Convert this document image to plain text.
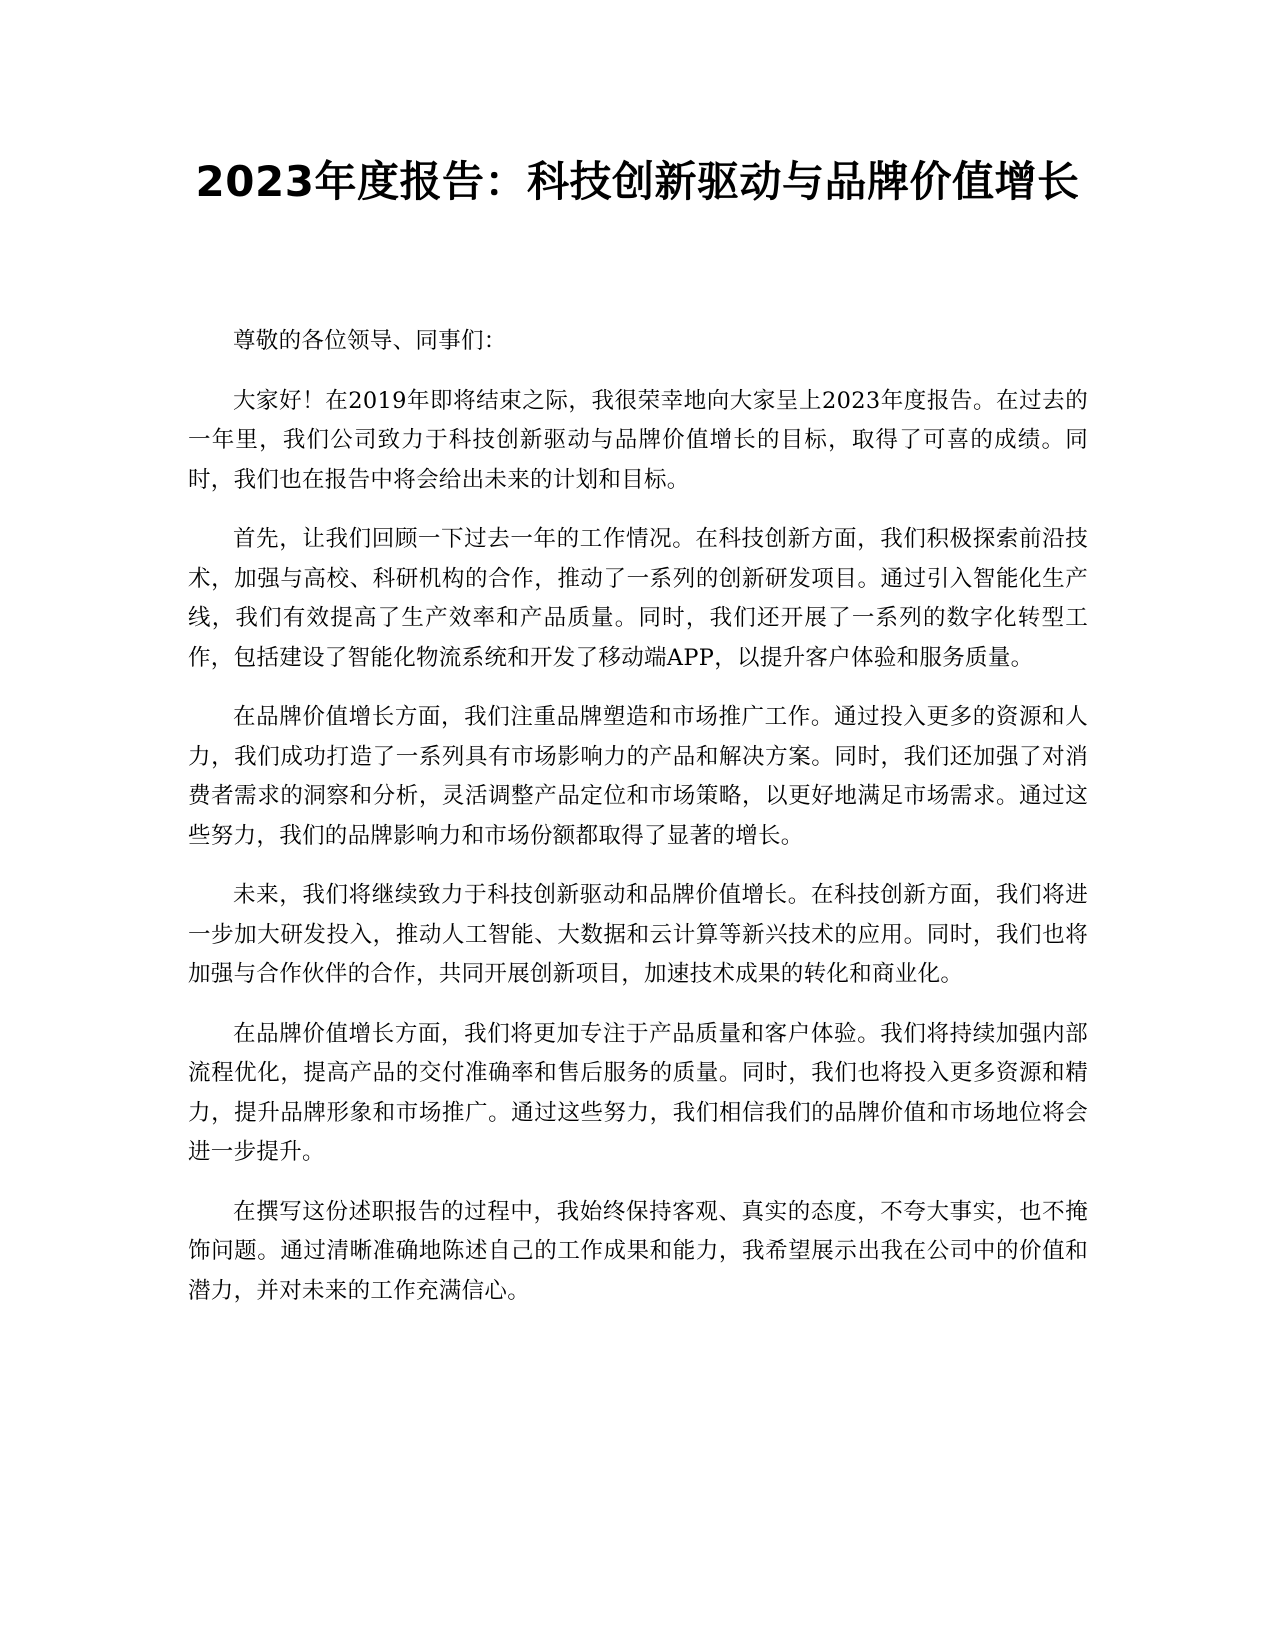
2023年度报告：科技创新驱动与品牌价值增长

尊敬的各位领导、同事们：

大家好！在2019年即将结束之际，我很荣幸地向大家呈上2023年度报告。在过去的一年里，我们公司致力于科技创新驱动与品牌价值增长的目标，取得了可喜的成绩。同时，我们也在报告中将会给出未来的计划和目标。

首先，让我们回顾一下过去一年的工作情况。在科技创新方面，我们积极探索前沿技术，加强与高校、科研机构的合作，推动了一系列的创新研发项目。通过引入智能化生产线，我们有效提高了生产效率和产品质量。同时，我们还开展了一系列的数字化转型工作，包括建设了智能化物流系统和开发了移动端APP，以提升客户体验和服务质量。

在品牌价值增长方面，我们注重品牌塑造和市场推广工作。通过投入更多的资源和人力，我们成功打造了一系列具有市场影响力的产品和解决方案。同时，我们还加强了对消费者需求的洞察和分析，灵活调整产品定位和市场策略，以更好地满足市场需求。通过这些努力，我们的品牌影响力和市场份额都取得了显著的增长。

未来，我们将继续致力于科技创新驱动和品牌价值增长。在科技创新方面，我们将进一步加大研发投入，推动人工智能、大数据和云计算等新兴技术的应用。同时，我们也将加强与合作伙伴的合作，共同开展创新项目，加速技术成果的转化和商业化。

在品牌价值增长方面，我们将更加专注于产品质量和客户体验。我们将持续加强内部流程优化，提高产品的交付准确率和售后服务的质量。同时，我们也将投入更多资源和精力，提升品牌形象和市场推广。通过这些努力，我们相信我们的品牌价值和市场地位将会进一步提升。

在撰写这份述职报告的过程中，我始终保持客观、真实的态度，不夸大事实，也不掩饰问题。通过清晰准确地陈述自己的工作成果和能力，我希望展示出我在公司中的价值和潜力，并对未来的工作充满信心。
